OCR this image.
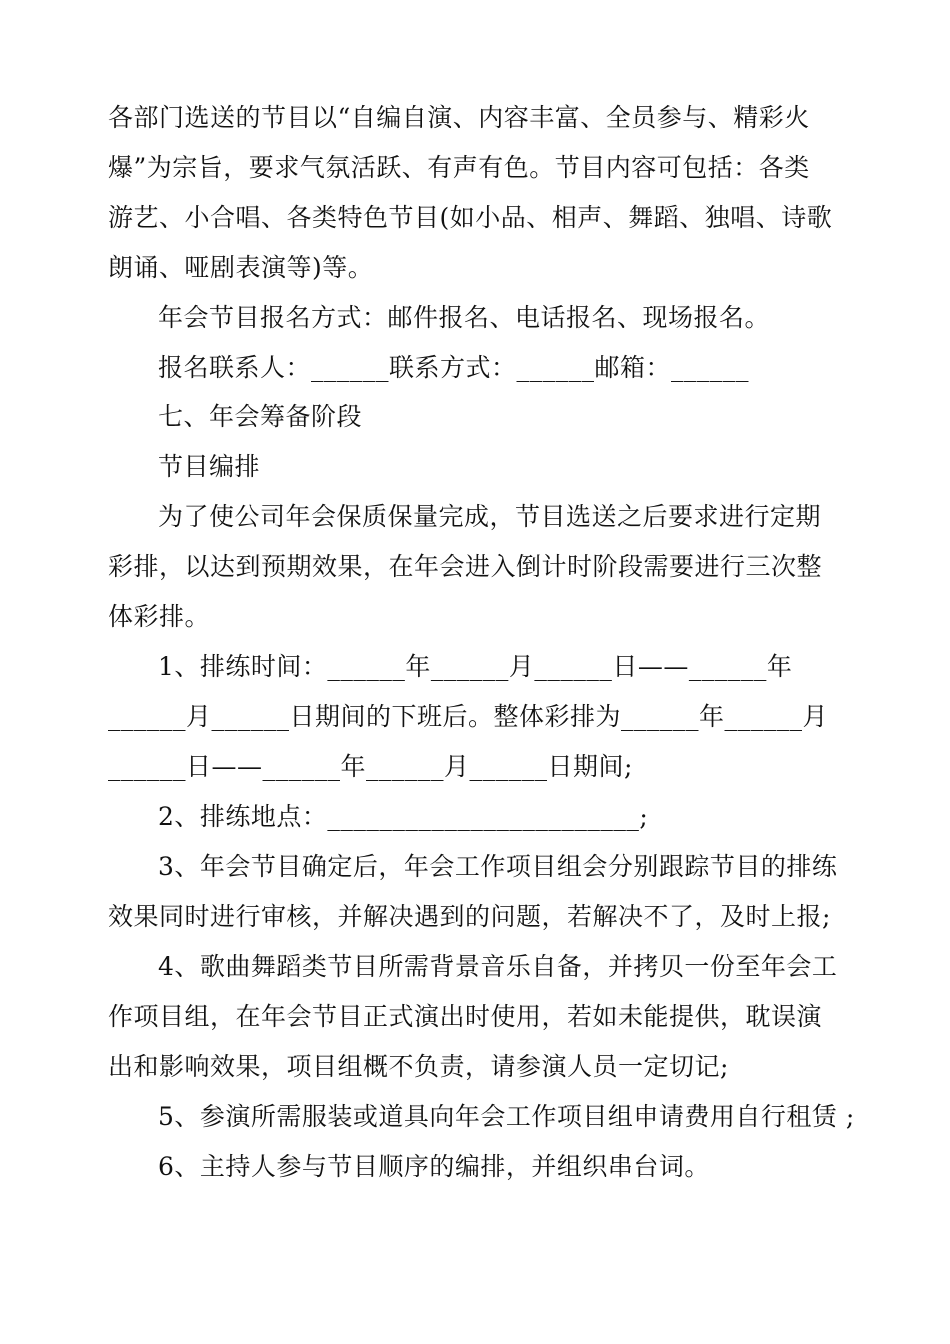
各部门选送的节目以“自编自演、内容丰富、全员参与、精彩火

爆”为宗旨，要求气氛活跃、有声有色。节目内容可包括：各类

游艺、小合唱、各类特色节目(如小品、相声、舞蹈、独唱、诗歌

朗诵、哑剧表演等)等。

年会节目报名方式：邮件报名、电话报名、现场报名。

报名联系人：______联系方式：______邮箱：______

七、年会筹备阶段

节目编排

为了使公司年会保质保量完成，节目选送之后要求进行定期

彩排，以达到预期效果，在年会进入倒计时阶段需要进行三次整

体彩排。

1、排练时间：______年______月______日——______年

______月______日期间的下班后。整体彩排为______年______月

______日——______年______月______日期间;

2、排练地点：________________________;

3、年会节目确定后，年会工作项目组会分别跟踪节目的排练

效果同时进行审核，并解决遇到的问题，若解决不了，及时上报;

4、歌曲舞蹈类节目所需背景音乐自备，并拷贝一份至年会工

作项目组，在年会节目正式演出时使用，若如未能提供，耽误演

出和影响效果，项目组概不负责，请参演人员一定切记;

5、参演所需服装或道具向年会工作项目组申请费用自行租赁 ;

6、主持人参与节目顺序的编排，并组织串台词。
